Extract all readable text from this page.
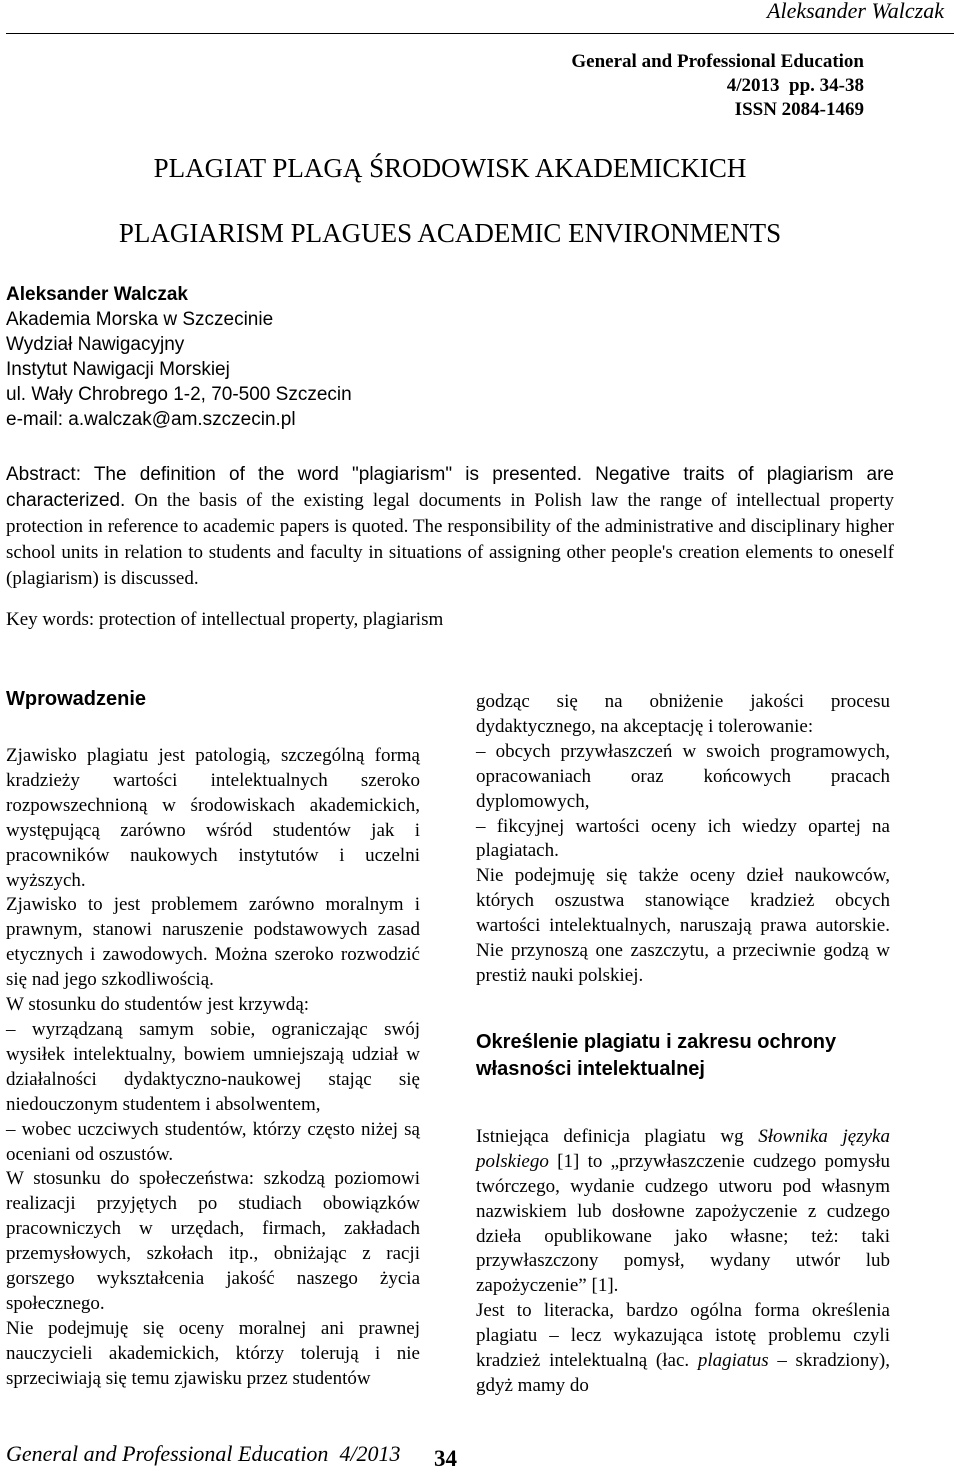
Aleksander Walczak
General and Professional Education
4/2013  pp. 34-38
ISSN 2084-1469
PLAGIAT PLAGĄ ŚRODOWISK AKADEMICKICH
PLAGIARISM PLAGUES ACADEMIC ENVIRONMENTS
Aleksander Walczak
Akademia Morska w Szczecinie
Wydział Nawigacyjny
Instytut Nawigacji Morskiej
ul. Wały Chrobrego 1-2, 70-500 Szczecin
e-mail: a.walczak@am.szczecin.pl
Abstract: The definition of the word "plagiarism" is presented. Negative traits of plagiarism are characterized. On the basis of the existing legal documents in Polish law the range of intellectual property protection in reference to academic papers is quoted. The responsibility of the administrative and disciplinary higher school units in relation to students and faculty in situations of assigning other people's creation elements to oneself (plagiarism) is discussed.
Key words: protection of intellectual property, plagiarism
Wprowadzenie

Zjawisko plagiatu jest patologią, szczególną formą kradzieży wartości intelektualnych szeroko rozpowszechnioną w środowiskach akademickich, występującą zarówno wśród studentów jak i pracowników naukowych instytutów i uczelni wyższych.

Zjawisko to jest problemem zarówno moralnym i prawnym, stanowi naruszenie podstawowych zasad etycznych i zawodowych. Można szeroko rozwodzić się nad jego szkodliwością.

W stosunku do studentów jest krzywdą:

– wyrządzaną samym sobie, ograniczając swój wysiłek intelektualny, bowiem umniejszają udział w działalności dydaktyczno-naukowej stając się niedouczonym studentem i absolwentem,

– wobec uczciwych studentów, którzy często niżej są oceniani od oszustów.

W stosunku do społeczeństwa: szkodzą poziomowi realizacji przyjętych po studiach obowiązków pracowniczych w urzędach, firmach, zakładach przemysłowych, szkołach itp., obniżając z racji gorszego wykształcenia jakość naszego życia społecznego.

Nie podejmuję się oceny moralnej ani prawnej nauczycieli akademickich, którzy tolerują i nie sprzeciwiają się temu zjawisku przez studentów

godząc się na obniżenie jakości procesu dydaktycznego, na akceptację i tolerowanie:

– obcych przywłaszczeń w swoich programowych, opracowaniach oraz końcowych pracach dyplomowych,

– fikcyjnej wartości oceny ich wiedzy opartej na plagiatach.

Nie podejmuję się także oceny dzieł naukowców, których oszustwa stanowiące kradzież obcych wartości intelektualnych, naruszają prawa autorskie. Nie przynoszą one zaszczytu, a przeciwnie godzą w prestiż nauki polskiej.

Określenie plagiatu i zakresu ochrony własności intelektualnej

Istniejąca definicja plagiatu wg Słownika języka polskiego [1] to „przywłaszczenie cudzego pomysłu twórczego, wydanie cudzego utworu pod własnym nazwiskiem lub dosłowne zapożyczenie z cudzego dzieła opublikowane jako własne; też: taki przywłaszczony pomysł, wydany utwór lub zapożyczenie” [1].

Jest to literacka, bardzo ogólna forma określenia plagiatu – lecz wykazująca istotę problemu czyli kradzież intelektualną (łac. plagiatus – skradziony), gdyż mamy do

General and Professional Education 4/2013 34
